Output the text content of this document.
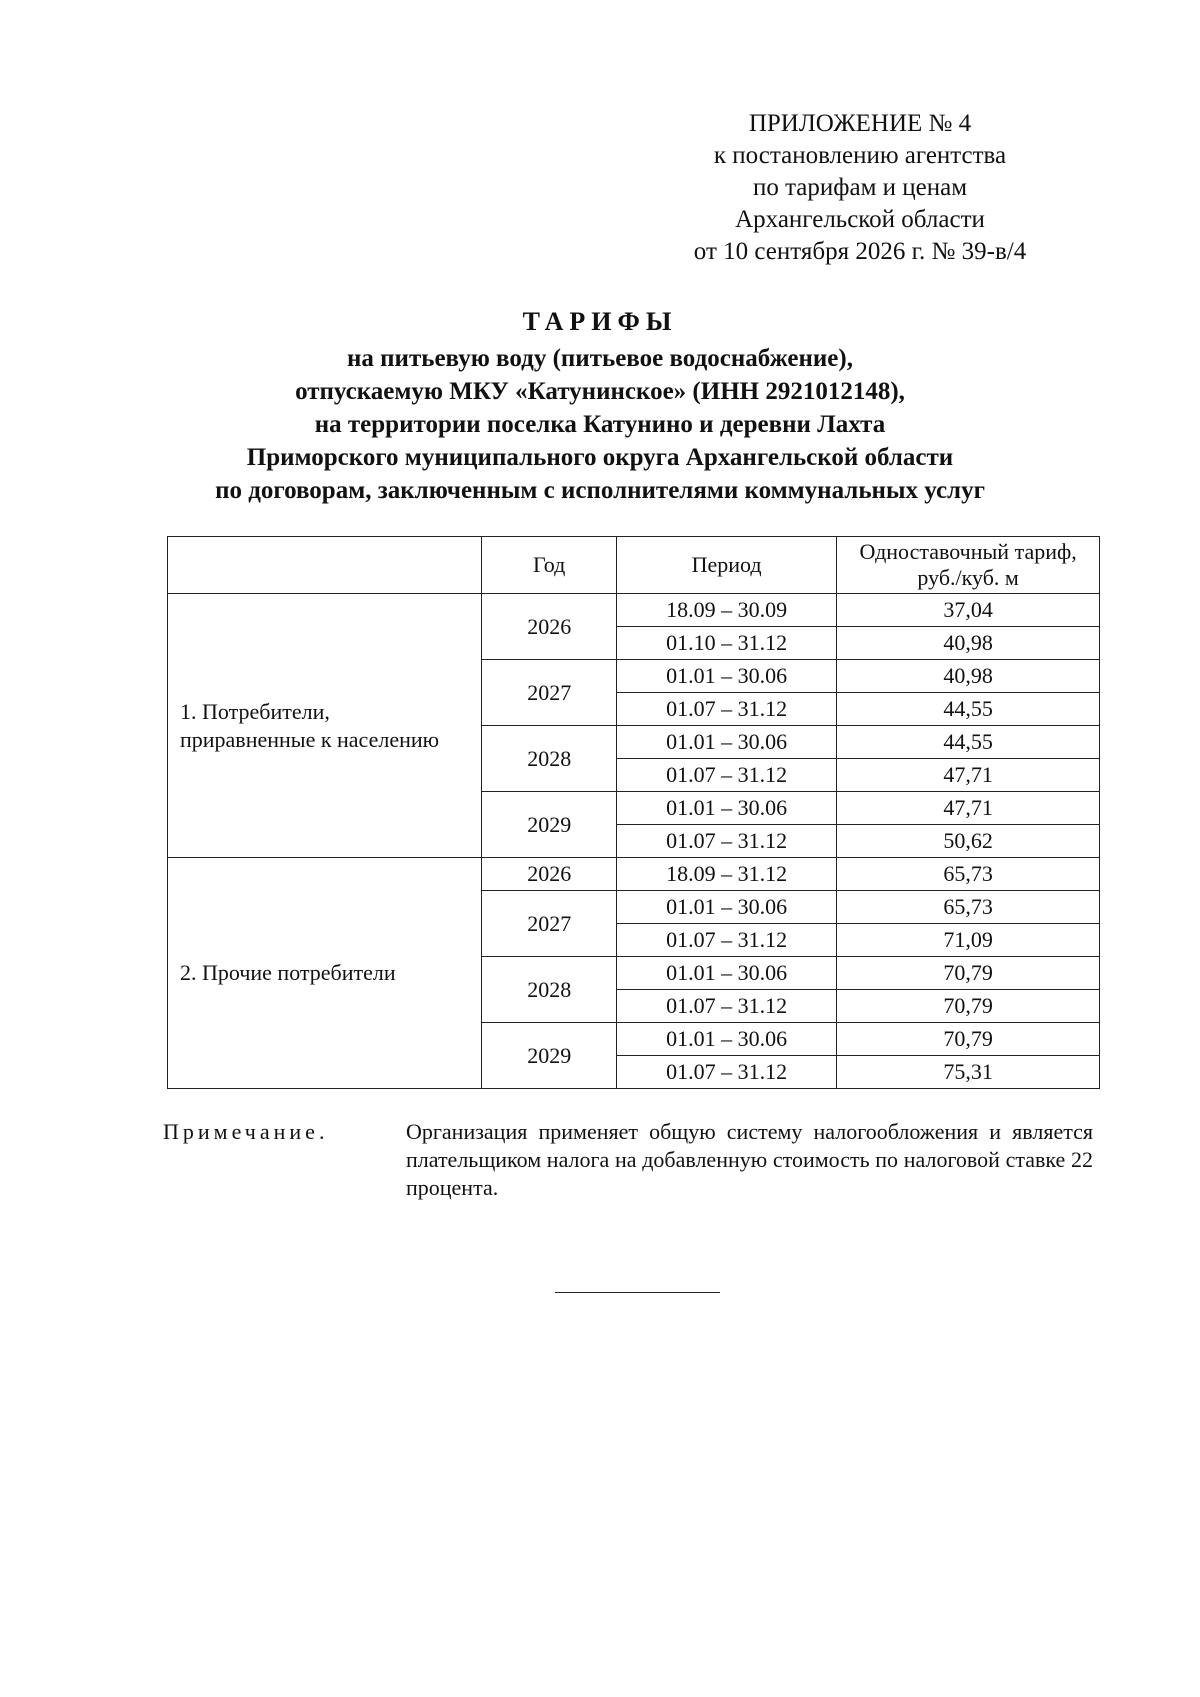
ПРИЛОЖЕНИЕ № 4
к постановлению агентства
по тарифам и ценам
Архангельской области
от 10 сентября 2026 г. № 39-в/4
ТАРИФЫ
на питьевую воду (питьевое водоснабжение),
отпускаемую МКУ «Катунинское» (ИНН 2921012148),
на территории поселка Катунино и деревни Лахта
Приморского муниципального округа Архангельской области
по договорам, заключенным с исполнителями коммунальных услуг
	Год	Период	Одноставочный тариф,
руб./куб. м

1. Потребители,
приравненные к населению	2026	18.09 – 30.09	37,04
		01.10 – 31.12	40,98
	2027	01.01 – 30.06	40,98
		01.07 – 31.12	44,55
	2028	01.01 – 30.06	44,55
		01.07 – 31.12	47,71
	2029	01.01 – 30.06	47,71
		01.07 – 31.12	50,62

2. Прочие потребители	2026	18.09 – 31.12	65,73
	2027	01.01 – 30.06	65,73
		01.07 – 31.12	71,09
	2028	01.01 – 30.06	70,79
		01.07 – 31.12	70,79
	2029	01.01 – 30.06	70,79
		01.07 – 31.12	75,31
Примечание.	Организация применяет общую систему налогообложения и является плательщиком налога на добавленную стоимость по налоговой ставке 22 процента.
